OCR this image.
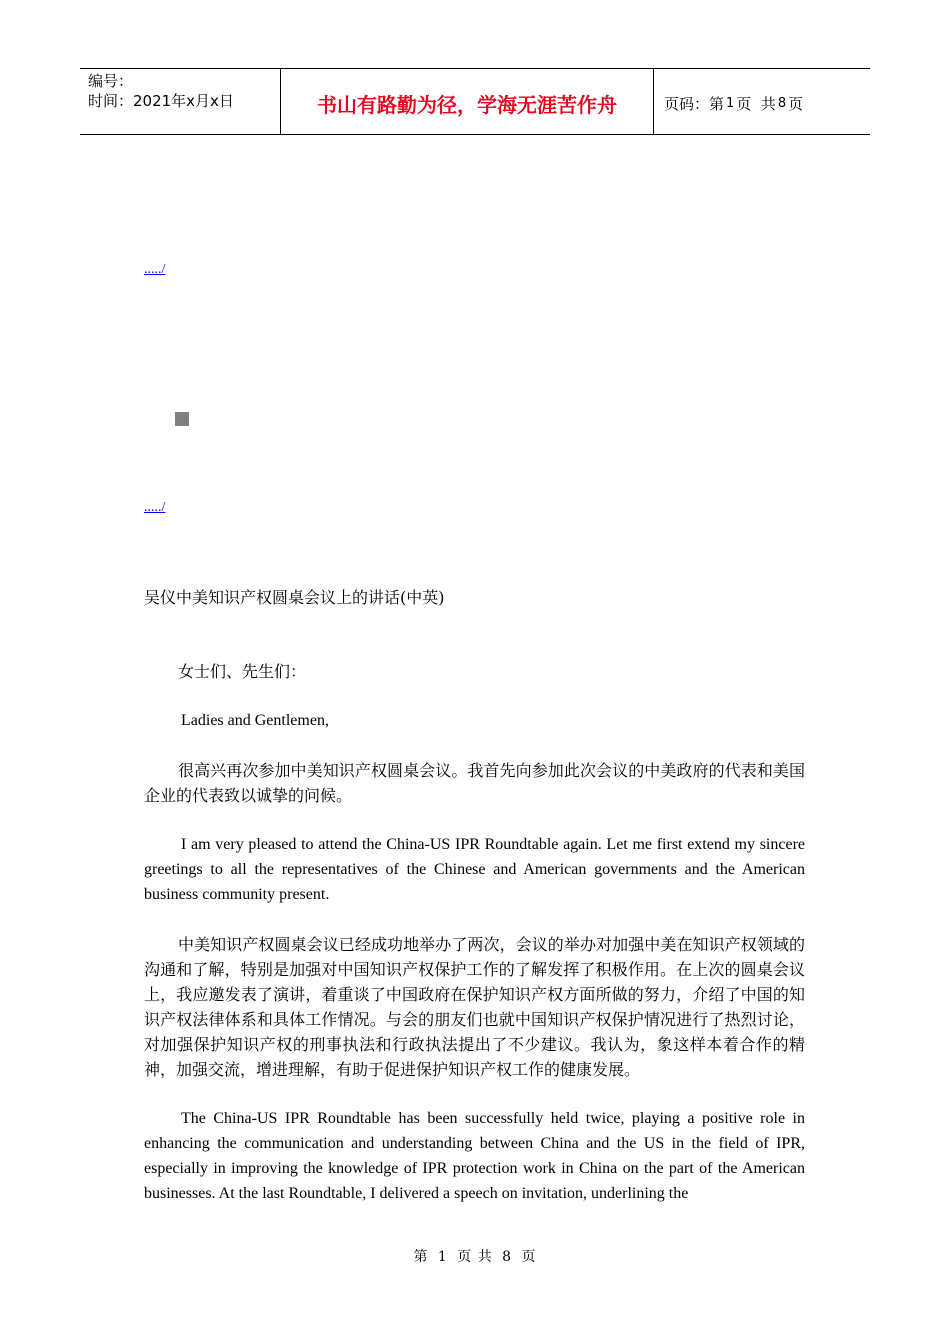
编号：
时间：2021年x月x日	书山有路勤为径，学海无涯苦作舟	页码：第 1 页  共 8 页
...../
...../
吴仪中美知识产权圆桌会议上的讲话(中英)

女士们、先生们：

Ladies and Gentlemen,

很高兴再次参加中美知识产权圆桌会议。我首先向参加此次会议的中美政府的代表和美国企业的代表致以诚挚的问候。

I am very pleased to attend the China-US IPR Roundtable again. Let me first extend my sincere greetings to all the representatives of the Chinese and American governments and the American business community present.

中美知识产权圆桌会议已经成功地举办了两次，会议的举办对加强中美在知识产权领域的沟通和了解，特别是加强对中国知识产权保护工作的了解发挥了积极作用。在上次的圆桌会议上，我应邀发表了演讲，着重谈了中国政府在保护知识产权方面所做的努力，介绍了中国的知识产权法律体系和具体工作情况。与会的朋友们也就中国知识产权保护情况进行了热烈讨论，对加强保护知识产权的刑事执法和行政执法提出了不少建议。我认为，象这样本着合作的精神，加强交流，增进理解，有助于促进保护知识产权工作的健康发展。

The China-US IPR Roundtable has been successfully held twice, playing a positive role in enhancing the communication and understanding between China and the US in the field of IPR, especially in improving the knowledge of IPR protection work in China on the part of the American businesses. At the last Roundtable, I delivered a speech on invitation, underlining the

第 1 页 共 8 页
